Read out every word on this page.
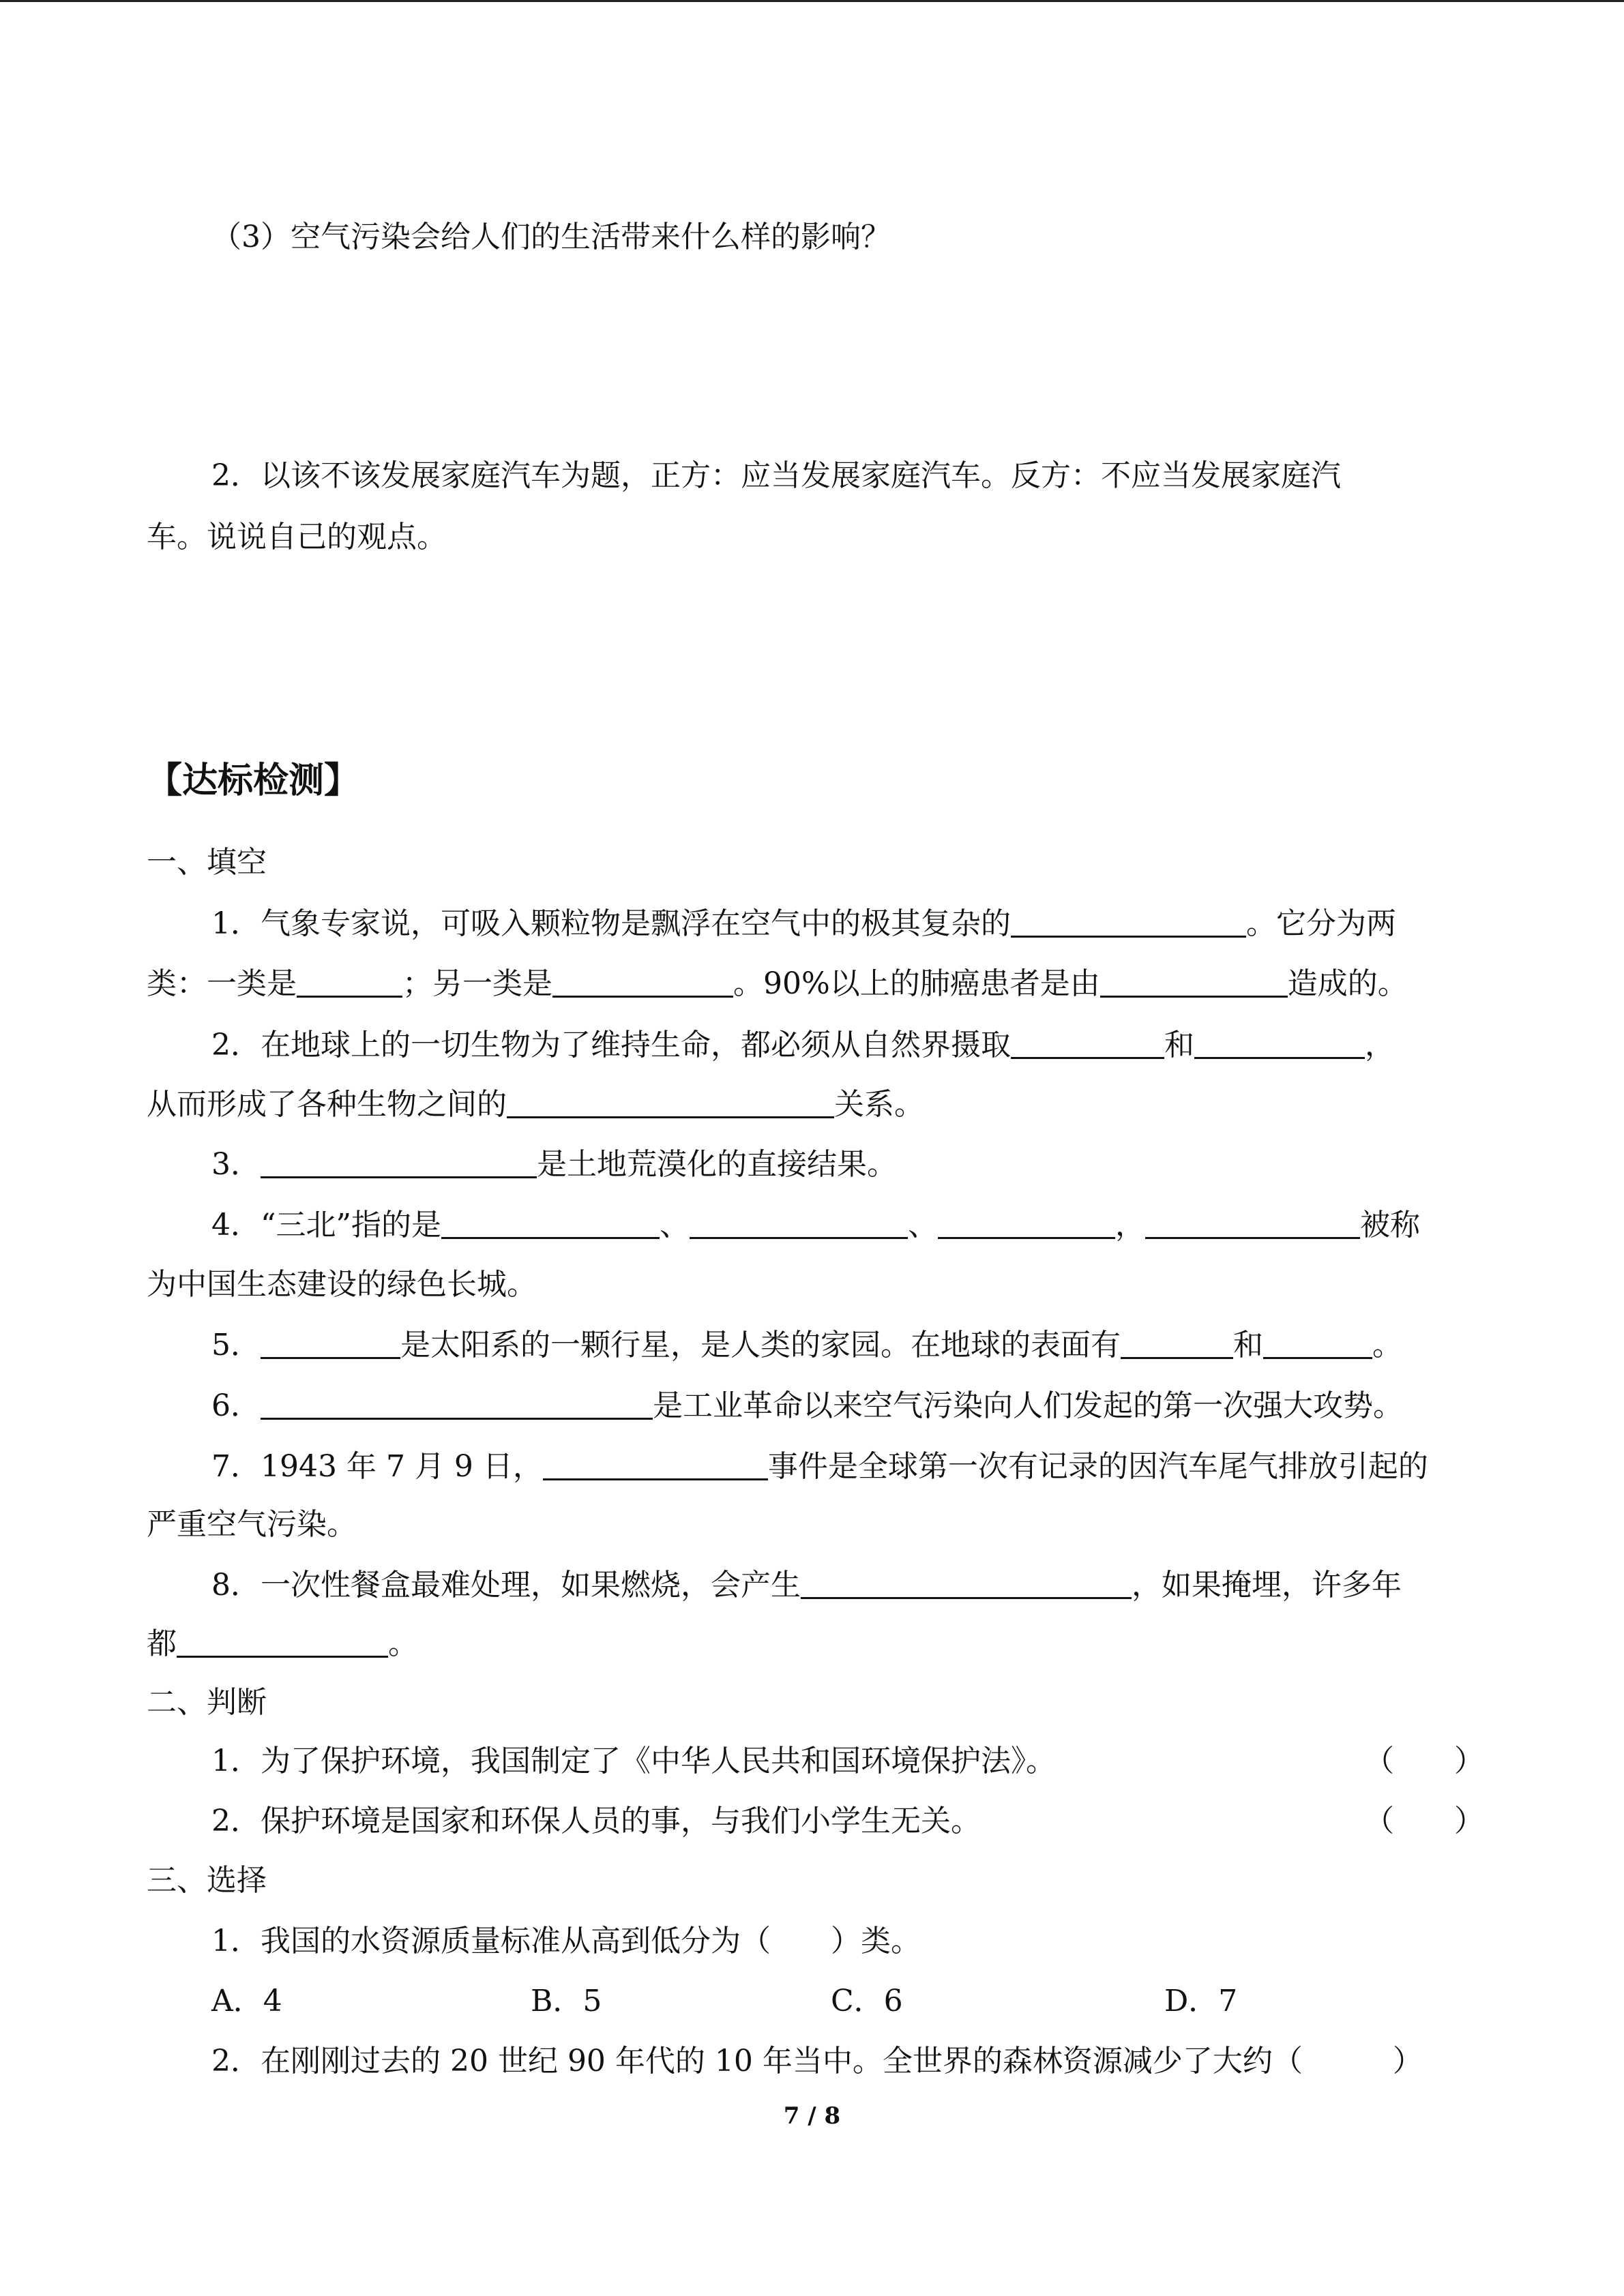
（3）空气污染会给人们的生活带来什么样的影响？
2．以该不该发展家庭汽车为题，正方：应当发展家庭汽车。反方：不应当发展家庭汽
车。说说自己的观点。
【达标检测】
一、填空
1．气象专家说，可吸入颗粒物是飘浮在空气中的极其复杂的	。它分为两
类：一类是	；另一类是	。90%以上的肺癌患者是由	造成的。
2．在地球上的一切生物为了维持生命，都必须从自然界摄取	和	，
从而形成了各种生物之间的	关系。
3．	是土地荒漠化的直接结果。
4．“三北”指的是	、	、	，	被称
为中国生态建设的绿色长城。
5．	是太阳系的一颗行星，是人类的家园。在地球的表面有	和	。
6．	是工业革命以来空气污染向人们发起的第一次强大攻势。
7．1943 年 7 月 9 日，	事件是全球第一次有记录的因汽车尾气排放引起的
严重空气污染。
8．一次性餐盒最难处理，如果燃烧，会产生	，如果掩埋，许多年
都	。
二、判断
1．为了保护环境，我国制定了《中华人民共和国环境保护法》。	（　　）
2．保护环境是国家和环保人员的事，与我们小学生无关。	（　　）
三、选择
1．我国的水资源质量标准从高到低分为（　　）类。
A．4	B．5	C．6	D．7
2．在刚刚过去的 20 世纪 90 年代的 10 年当中。全世界的森林资源减少了大约（　　　）
7 / 8
